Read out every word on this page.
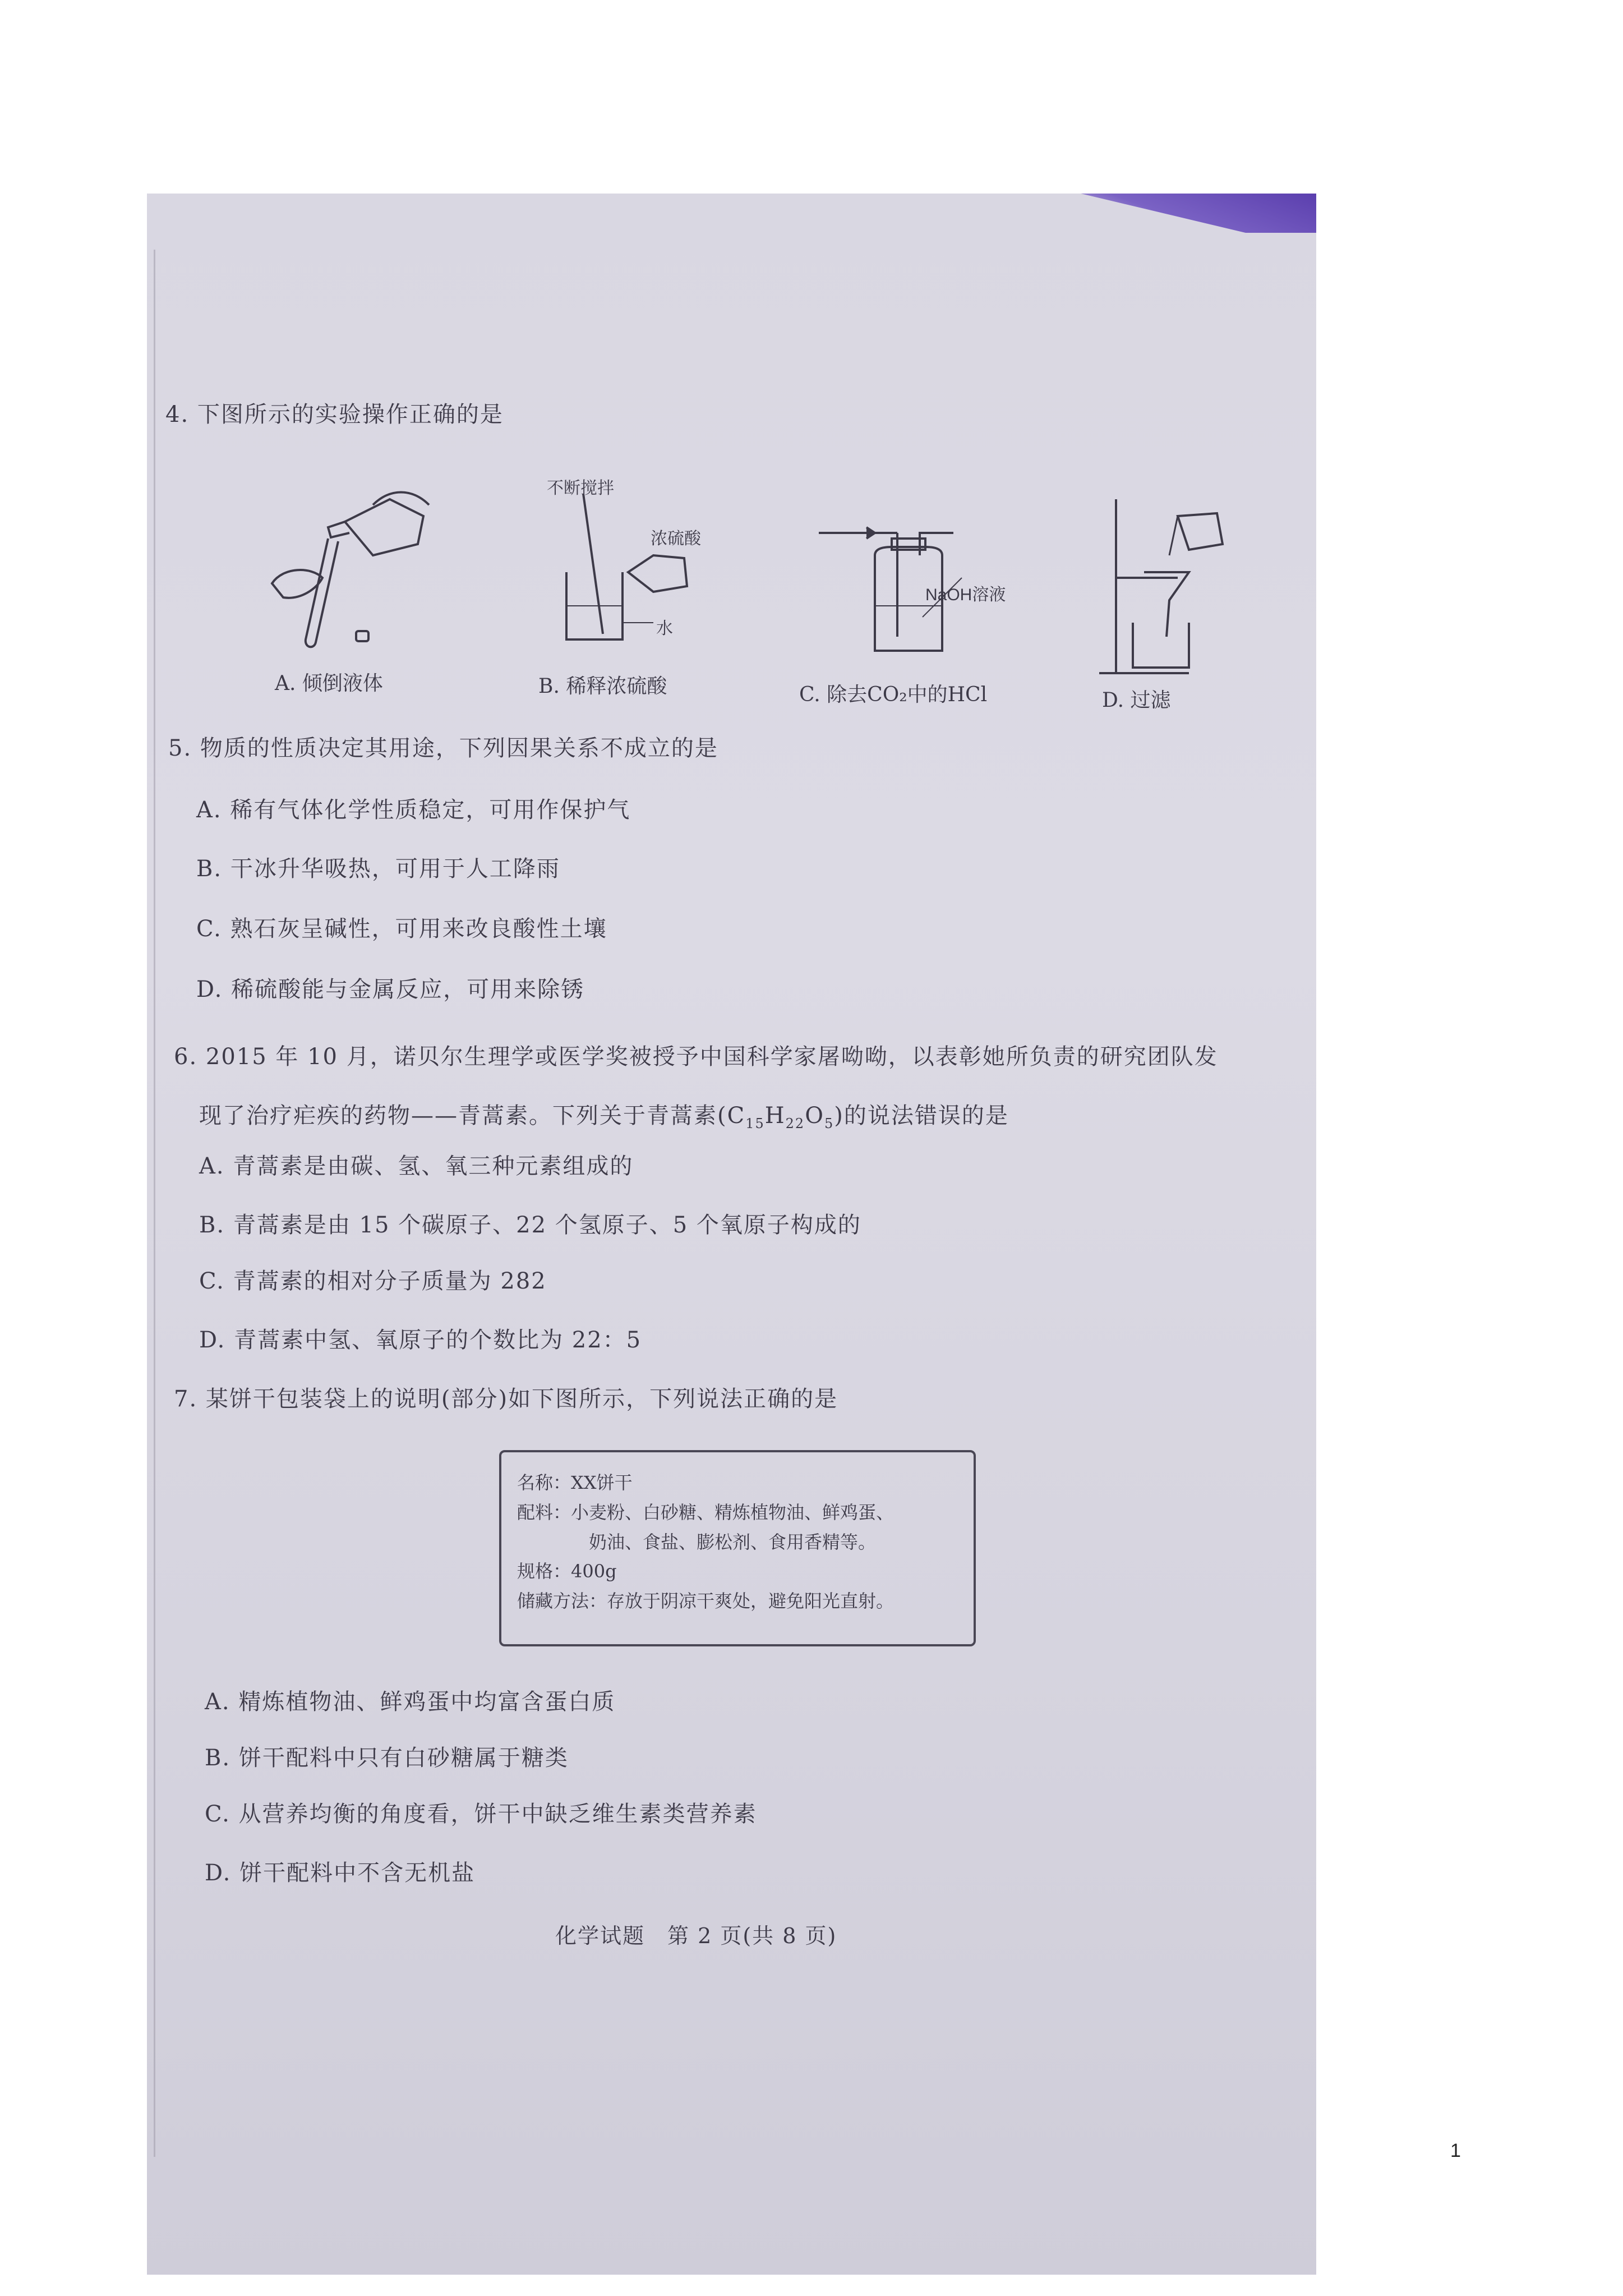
4. 下图所示的实验操作正确的是
A. 倾倒液体
不断搅拌
浓硫酸
水
B. 稀释浓硫酸
NaOH溶液
C. 除去CO₂中的HCl	D. 过滤
5. 物质的性质决定其用途，下列因果关系不成立的是
A. 稀有气体化学性质稳定，可用作保护气
B. 干冰升华吸热，可用于人工降雨
C. 熟石灰呈碱性，可用来改良酸性土壤
D. 稀硫酸能与金属反应，可用来除锈
6. 2015 年 10 月，诺贝尔生理学或医学奖被授予中国科学家屠呦呦，以表彰她所负责的研究团队发
现了治疗疟疾的药物——青蒿素。下列关于青蒿素$(C_{15}H_{22}O_5)$的说法错误的是
A. 青蒿素是由碳、氢、氧三种元素组成的
B. 青蒿素是由 15 个碳原子、22 个氢原子、5 个氧原子构成的
C. 青蒿素的相对分子质量为 282
D. 青蒿素中氢、氧原子的个数比为 22：5
7. 某饼干包装袋上的说明(部分)如下图所示，下列说法正确的是
名称：XX饼干
配料：小麦粉、白砂糖、精炼植物油、鲜鸡蛋、
奶油、食盐、膨松剂、食用香精等。
规格：400g
储藏方法：存放于阴凉干爽处，避免阳光直射。
A. 精炼植物油、鲜鸡蛋中均富含蛋白质
B. 饼干配料中只有白砂糖属于糖类
C. 从营养均衡的角度看，饼干中缺乏维生素类营养素
D. 饼干配料中不含无机盐
化学试题　第 2 页(共 8 页)
1
